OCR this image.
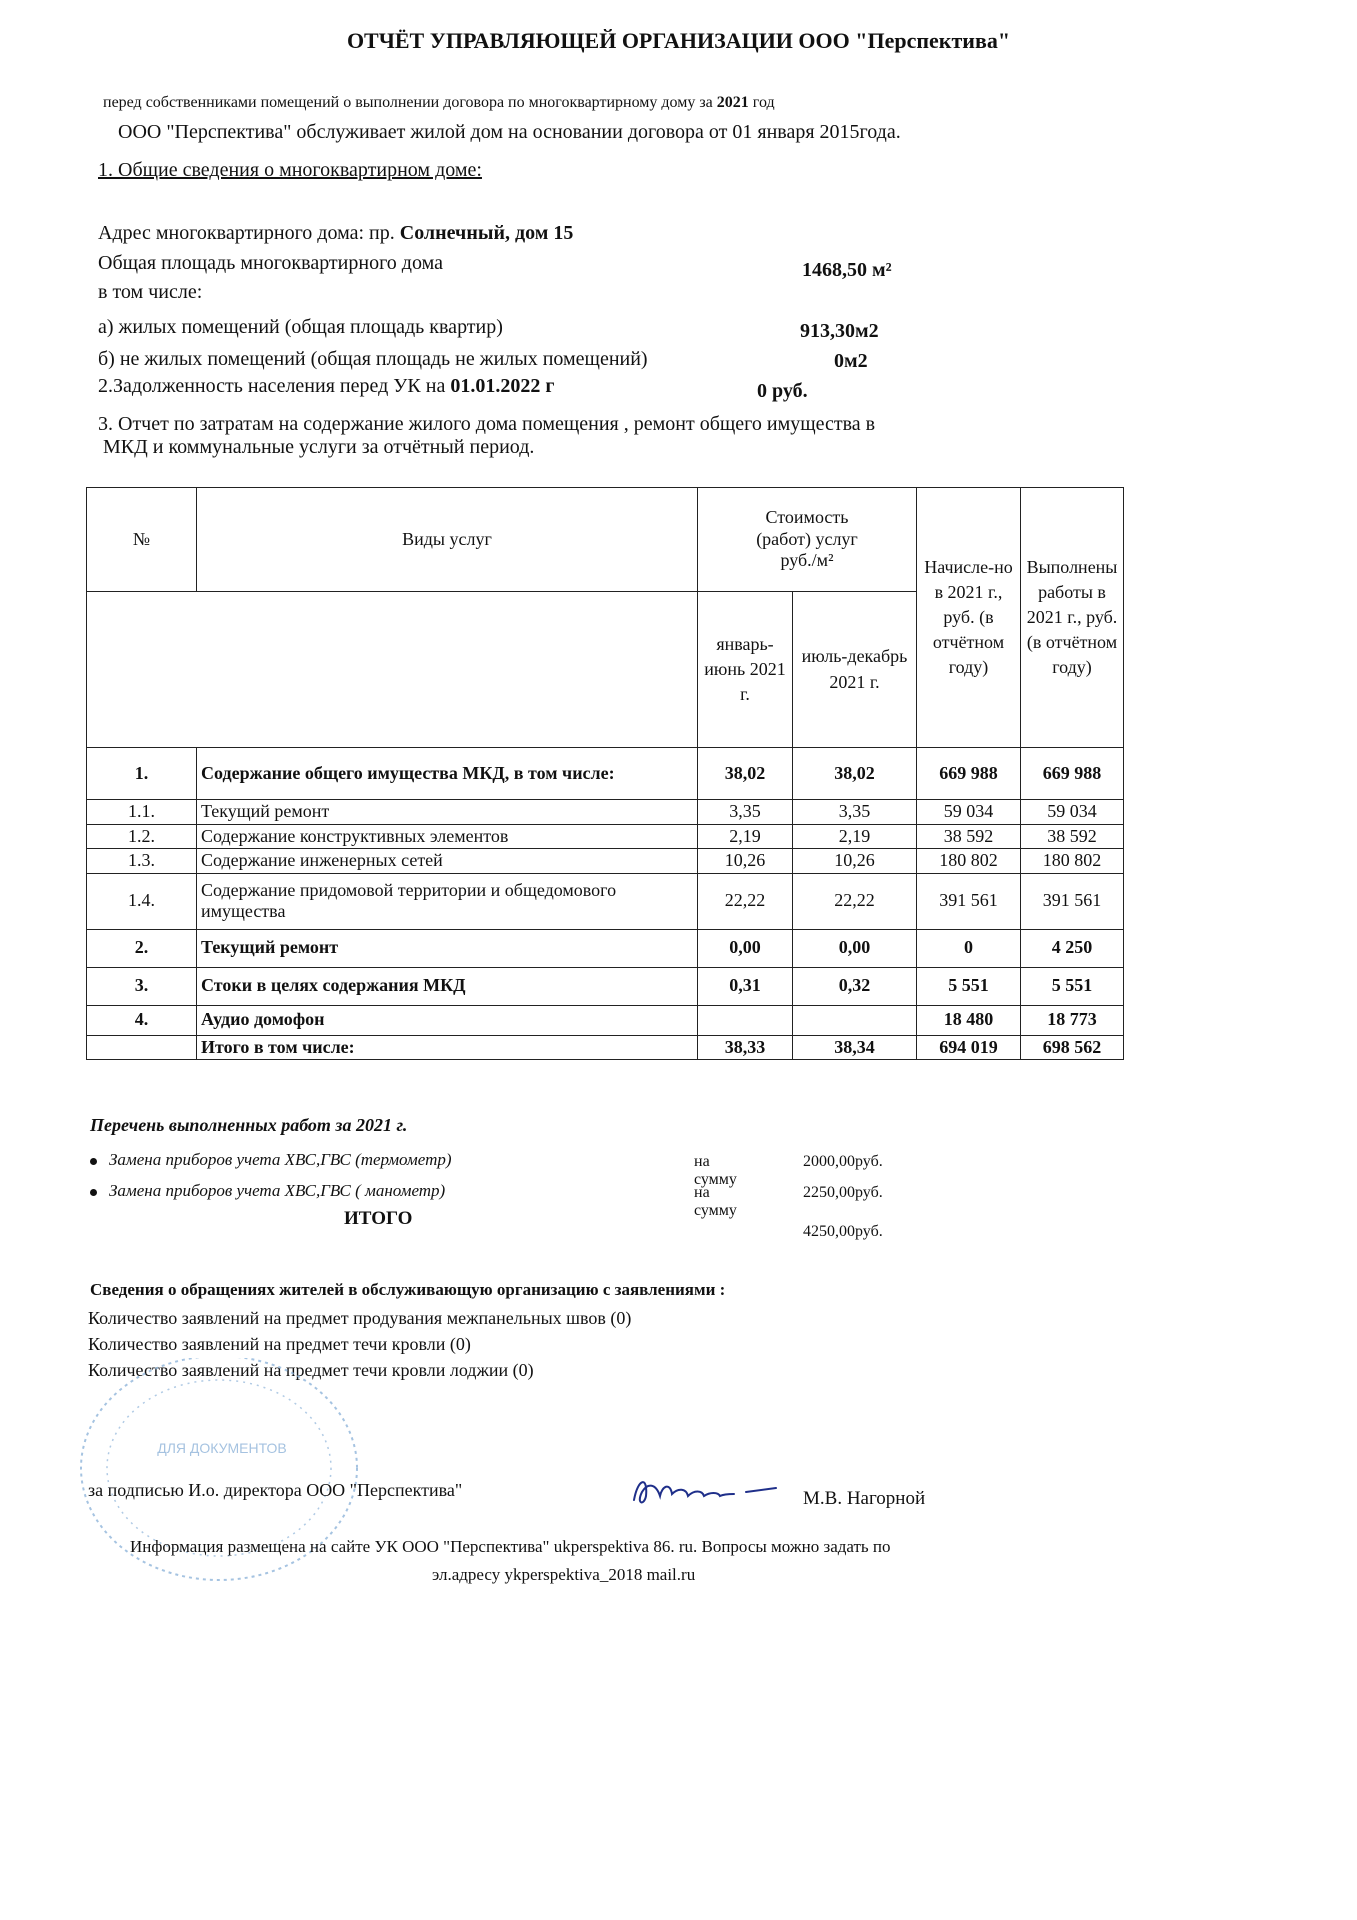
ОТЧЁТ УПРАВЛЯЮЩЕЙ ОРГАНИЗАЦИИ ООО "Перспектива"
перед собственниками помещений о выполнении договора по многоквартирному дому за 2021 год
ООО "Перспектива" обслуживает жилой дом на основании договора от 01 января 2015года.
1. Общие сведения о многоквартирном доме:
Адрес многоквартирного дома: пр. Солнечный, дом 15
Общая площадь многоквартирного дома	1468,50 м²
в том числе:
а) жилых помещений (общая площадь квартир)	913,30м2
б) не жилых помещений (общая площадь не жилых помещений)	0м2
2.Задолженность населения перед УК на 01.01.2022 г	0 руб.
3. Отчет по затратам на содержание жилого дома помещения , ремонт общего имущества в
МКД и коммунальные услуги за отчётный период.
№	Виды услуг	Стоимость (работ) услуг руб./м²		Начисле-но в 2021 г., руб. (в отчётном году)	Выполнены работы в 2021 г., руб. (в отчётном году)
		январь-июнь 2021 г.	июль-декабрь 2021 г.		
1.	Содержание общего имущества МКД, в том числе:	38,02	38,02	669 988	669 988
1.1.	Текущий ремонт	3,35	3,35	59 034	59 034
1.2.	Содержание конструктивных элементов	2,19	2,19	38 592	38 592
1.3.	Содержание инженерных сетей	10,26	10,26	180 802	180 802
1.4.	Содержание придомовой территории и общедомового имущества	22,22	22,22	391 561	391 561
2.	Текущий ремонт	0,00	0,00	0	4 250
3.	Стоки в целях содержания МКД	0,31	0,32	5 551	5 551
4.	Аудио домофон			18 480	18 773
	Итого в том числе:	38,33	38,34	694 019	698 562
Перечень выполненных работ за 2021 г.
Замена приборов учета ХВС,ГВС (термометр)	на сумму
2000,00руб.
Замена приборов учета ХВС,ГВС ( манометр)	на сумму
2250,00руб.
ИТОГО
4250,00руб.
Сведения о обращениях жителей в обслуживающую организацию с заявлениями :
Количество заявлений на предмет продувания межпанельных швов (0)
Количество заявлений на предмет течи кровли (0)
Количество заявлений на предмет течи кровли лоджии (0)
ДЛЯ ДОКУМЕНТОВ
за подписью И.о. директора ООО "Перспектива"	М.В. Нагорной
Информация размещена на сайте УК ООО "Перспектива" ukperspektiva 86. ru. Вопросы можно задать по
эл.адресу ykperspektiva_2018 mail.ru
